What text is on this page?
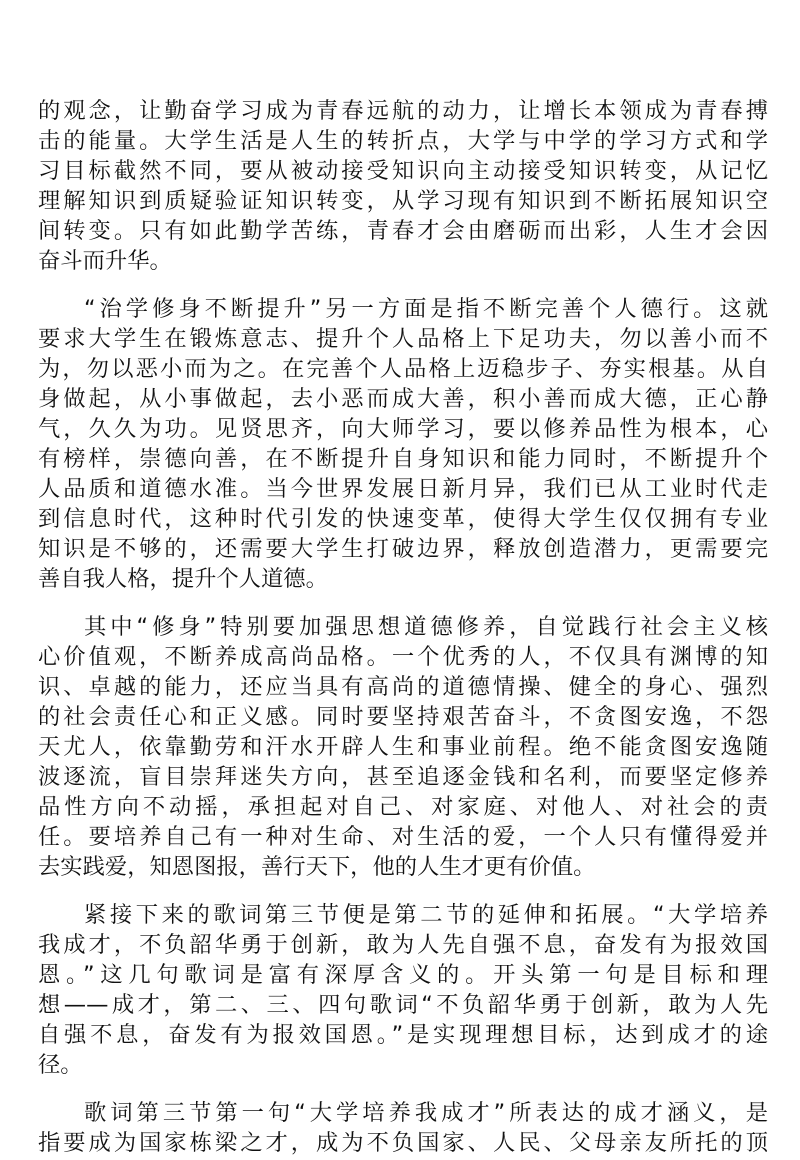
的观念，让勤奋学习成为青春远航的动力，让增长本领成为青春搏
击的能量。大学生活是人生的转折点，大学与中学的学习方式和学
习目标截然不同，要从被动接受知识向主动接受知识转变，从记忆
理解知识到质疑验证知识转变，从学习现有知识到不断拓展知识空
间转变。只有如此勤学苦练，青春才会由磨砺而出彩，人生才会因
奋斗而升华。
“治学修身不断提升”另一方面是指不断完善个人德行。这就
要求大学生在锻炼意志、提升个人品格上下足功夫，勿以善小而不
为，勿以恶小而为之。在完善个人品格上迈稳步子、夯实根基。从自
身做起，从小事做起，去小恶而成大善，积小善而成大德，正心静
气，久久为功。见贤思齐，向大师学习，要以修养品性为根本，心
有榜样，崇德向善，在不断提升自身知识和能力同时，不断提升个
人品质和道德水准。当今世界发展日新月异，我们已从工业时代走
到信息时代，这种时代引发的快速变革，使得大学生仅仅拥有专业
知识是不够的，还需要大学生打破边界，释放创造潜力，更需要完
善自我人格，提升个人道德。
其中“修身”特别要加强思想道德修养，自觉践行社会主义核
心价值观，不断养成高尚品格。一个优秀的人，不仅具有渊博的知
识、卓越的能力，还应当具有高尚的道德情操、健全的身心、强烈
的社会责任心和正义感。同时要坚持艰苦奋斗，不贪图安逸，不怨
天尤人，依靠勤劳和汗水开辟人生和事业前程。绝不能贪图安逸随
波逐流，盲目崇拜迷失方向，甚至追逐金钱和名利，而要坚定修养
品性方向不动摇，承担起对自己、对家庭、对他人、对社会的责
任。要培养自己有一种对生命、对生活的爱，一个人只有懂得爱并
去实践爱，知恩图报，善行天下，他的人生才更有价值。
紧接下来的歌词第三节便是第二节的延伸和拓展。“大学培养
我成才，不负韶华勇于创新，敢为人先自强不息，奋发有为报效国
恩。”这几句歌词是富有深厚含义的。开头第一句是目标和理
想——成才，第二、三、四句歌词“不负韶华勇于创新，敢为人先
自强不息，奋发有为报效国恩。”是实现理想目标，达到成才的途
径。
歌词第三节第一句“大学培养我成才”所表达的成才涵义，是
指要成为国家栋梁之才，成为不负国家、人民、父母亲友所托的顶
